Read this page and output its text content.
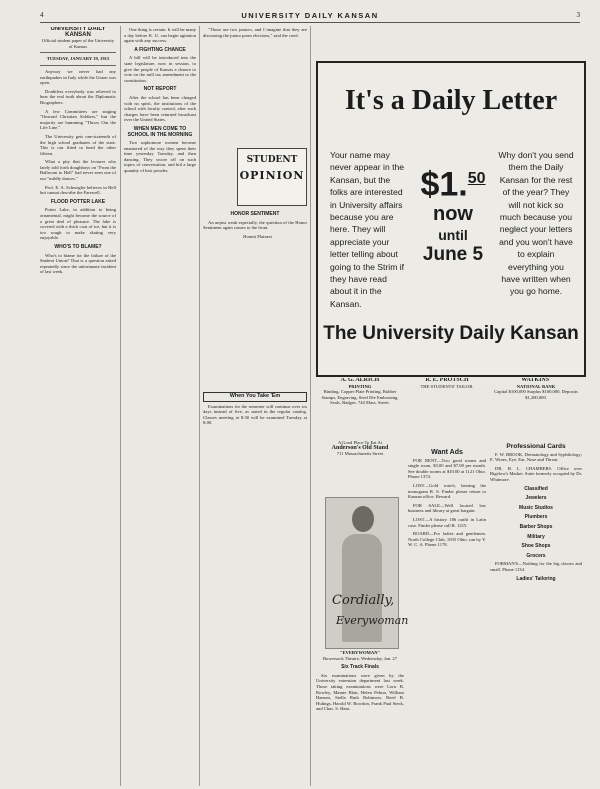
4	UNIVERSITY DAILY KANSAN	3
UNIVERSITY DAILY KANSAN
Official student paper of the University of Kansas
TUESDAY, JANUARY 19, 1915

Anyway we never had any earthquakes in Italy while the Union was open.

Doubtless everybody was relieved to hear the real truth about the Diplomatic Biographers.

A few Committees are singing "Onward Christian Soldiers," but the majority are humming "Throw Out the Life Line."

The University gets one-sixteenth of the high school graduates of the state. This is our fitted to head the other fifteen.

What a pity that the lecturer who lately told forth doughboys on "From the Ballroom to Hell" had never seen one of our "mildly dances."

Prof. E. A. Schwegler believes in Hell but cannot describe the Farewell.

FLOOD POTTER LAKE

Potter Lake, in addition to being ornamental, might become the source of a great deal of pleasure. The lake is covered with a thick coat of ice, but it is too rough to make skating very enjoyable.

WHO'S TO BLAME?

Who's to blame for the failure of the Student Union? That is a question asked repeatedly since the unfortunate incident of last week.

One thing is certain. It will be many a day before K. U. can begin agitation again with any success.

A FIGHTING CHANCE

A bill will be introduced into the state legislature, now in session, to give the people of Kansas a chance to vote on the mill tax amendment to the constitution.

NOT REPORT

After the school has been charged with no spirit, the institutions of the school with faculty control, after such charges have been returned broadcast over the United States.

WHEN MEN COME TO SCHOOL IN THE MORNING

Two sophomore women became enamored of the way they spent their time yesterday Tuesday, and then dancing. They swore off on such topics of conversation, and hid a large quantity of hair powder.

"Those are two juniors, and I imagine that they are discussing the junior prom elections," said the coed.

STUDENT
OPINION
HONOR SENTIMENT

An unjust weak especially, the question of the Honor Sentiment again comes to the front.

Honest Plainest

When You Take 'Em

Examinations for the semester will continue over six days instead of five, as stated in the regular catalog. Classes meeting at 8:30 will be examined Tuesday at 8:00.

It's a Daily Letter
Your name may never appear in the Kansan, but the folks are interested in University affairs because you are here. They will appreciate your letter telling about going to the Strim if they have read about it in the Kansan.
$1.50
now
until
June 5
Why don't you send them the Daily Kansan for the rest of the year? They will not kick so much because you neglect your letters and you won't have to explain everything you have written when you go home.
The University Daily Kansan
A. G. ALRICH
PRINTING
Binding, Copper Plate Printing, Rubber Stamps, Engraving, Steel Die Embossing, Seals, Badges. 744 Mass. Street.
R. E. PROTSCH
THE STUDENTS' TAILOR.
WATKINS'
NATIONAL BANK
Capital $100,000 Surplus $100,000. Deposits $1,200,000.
A Good Place To Eat At
Anderson's Old Stand
711 Massachusetts Street
Cordially,
Everywoman
"EVERYWOMAN"
Bowersock Theatre, Wednesday, Jan. 27
Six Track Finals

Six examinations were given by the University extension department last week. Those taking examinations were Lorn B. Rowley, Mamie Blair, Helen Pelton, William Hansen, Stella Ruth Robinson, Reed B. Hulings, Harold W. Bowdon, Frank Paul Steck, and Chas. S. Haas.

Want Ads

FOR RENT—Two good rooms and single room, $3.00 and $7.00 per month. See double rooms at $10.00 at 1121 Ohio. Phone 1374.

LOST—Gold watch, bearing the monogram R. S. Finder please return to Kansan office. Reward.

FOR SALE—Well located law business and library at great bargain.

LOST—A history 186 outfit in Latin case. Finder please call R. 1215.

BOARD—For ladies and gentlemen. North College Club, 1035 Ohio, run by Y. W. C. A. Phone 1178.

Professional Cards

F. W. BROOK, Dermatology and Syphilology; E. Wines, Eye, Ear, Nose and Throat.

DR. H. L. CHAMBERS. Office over Bigelow's Market. Suite formerly occupied by Dr. Whitmore.

Classified
Jewelers
Music Studios
Plumbers
Barber Shops
Military
Shoe Shops
Grocers

FORMAN'S—Nothing for the big classes and small. Phone 1134.

Ladies' Tailoring
